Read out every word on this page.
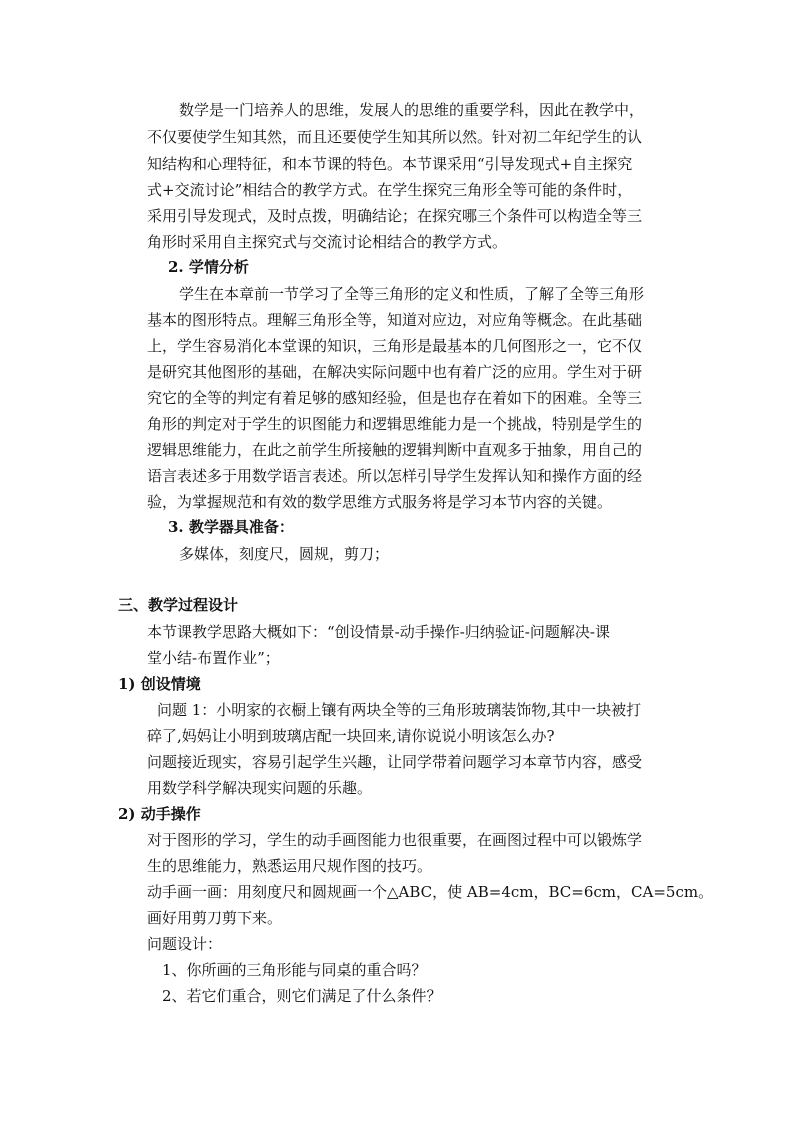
数学是一门培养人的思维，发展人的思维的重要学科，因此在教学中，
不仅要使学生知其然，而且还要使学生知其所以然。针对初二年纪学生的认
知结构和心理特征，和本节课的特色。本节课采用“引导发现式+自主探究
式+交流讨论”相结合的教学方式。在学生探究三角形全等可能的条件时，
采用引导发现式，及时点拨，明确结论；在探究哪三个条件可以构造全等三
角形时采用自主探究式与交流讨论相结合的教学方式。
2. 学情分析
学生在本章前一节学习了全等三角形的定义和性质，了解了全等三角形
基本的图形特点。理解三角形全等，知道对应边，对应角等概念。在此基础
上，学生容易消化本堂课的知识，三角形是最基本的几何图形之一，它不仅
是研究其他图形的基础，在解决实际问题中也有着广泛的应用。学生对于研
究它的全等的判定有着足够的感知经验，但是也存在着如下的困难。全等三
角形的判定对于学生的识图能力和逻辑思维能力是一个挑战，特别是学生的
逻辑思维能力，在此之前学生所接触的逻辑判断中直观多于抽象，用自己的
语言表述多于用数学语言表述。所以怎样引导学生发挥认知和操作方面的经
验，为掌握规范和有效的数学思维方式服务将是学习本节内容的关键。
3. 教学器具准备：
多媒体，刻度尺，圆规，剪刀；
三、教学过程设计
本节课教学思路大概如下：“创设情景-动手操作-归纳验证-问题解决-课
堂小结-布置作业”；
1) 创设情境
问题 1：小明家的衣橱上镶有两块全等的三角形玻璃装饰物,其中一块被打
碎了,妈妈让小明到玻璃店配一块回来,请你说说小明该怎么办?
问题接近现实，容易引起学生兴趣，让同学带着问题学习本章节内容，感受
用数学科学解决现实问题的乐趣。
2) 动手操作
对于图形的学习，学生的动手画图能力也很重要，在画图过程中可以锻炼学
生的思维能力，熟悉运用尺规作图的技巧。
动手画一画：用刻度尺和圆规画一个△ABC，使 AB=4cm，BC=6cm，CA=5cm。
画好用剪刀剪下来。
问题设计：
1、你所画的三角形能与同桌的重合吗？
2、若它们重合，则它们满足了什么条件？
